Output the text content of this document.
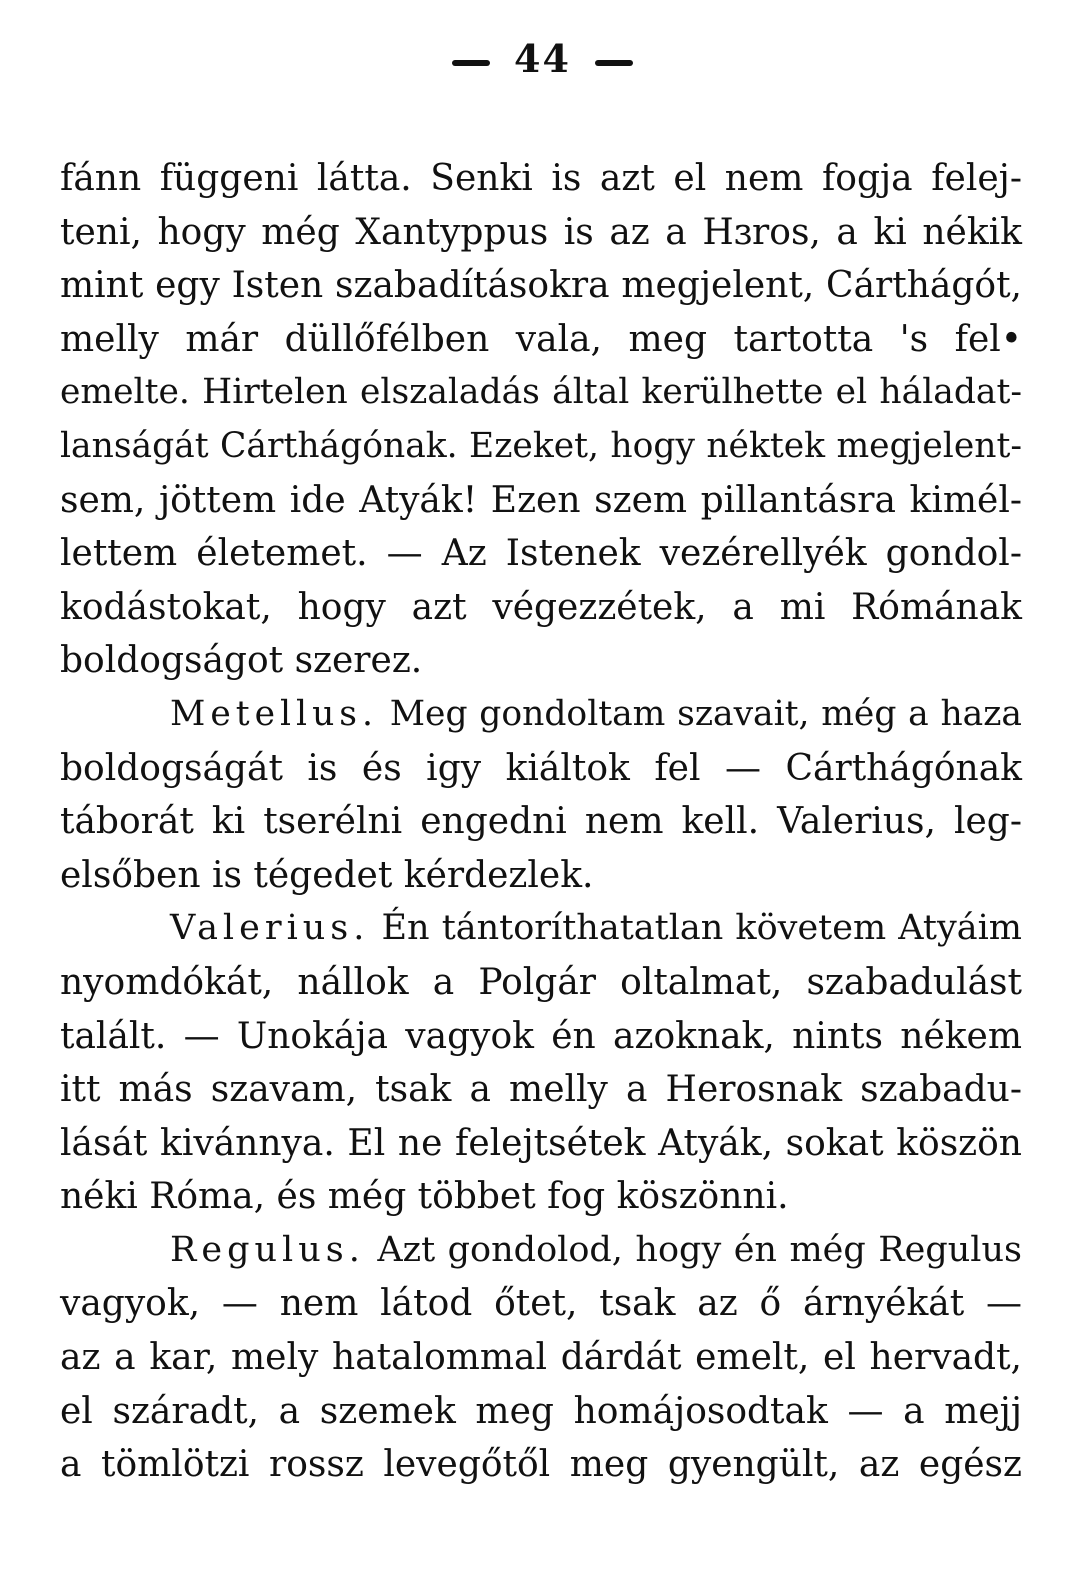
44
fánn függeni látta. Senki is azt el nem fogja felej-
teni, hogy még Xantyppus is az a Hɜros, a ki nékik
mint egy Isten szabadításokra megjelent, Cárthágót,
melly már düllőfélben vala, meg tartotta 's fel•
emelte. Hirtelen elszaladás által kerülhette el háladat-
lanságát Cárthágónak. Ezeket, hogy néktek megjelent-
sem, jöttem ide Atyák! Ezen szem pillantásra kimél-
lettem életemet. — Az Istenek vezérellyék gondol-
kodástokat, hogy azt végezzétek, a mi Rómának
boldogságot szerez.
Metellus. Meg gondoltam szavait, még a haza
boldogságát is és igy kiáltok fel — Cárthágónak
táborát ki tserélni engedni nem kell. Valerius, leg-
elsőben is tégedet kérdezlek.
Valerius. Én tántoríthatatlan követem Atyáim
nyomdókát, nállok a Polgár oltalmat, szabadulást
talált. — Unokája vagyok én azoknak, nints nékem
itt más szavam, tsak a melly a Herosnak szabadu-
lását kivánnya. El ne felejtsétek Atyák, sokat köszön
néki Róma, és még többet fog köszönni.
Regulus. Azt gondolod, hogy én még Regulus
vagyok, — nem látod őtet, tsak az ő árnyékát —
az a kar, mely hatalommal dárdát emelt, el hervadt,
el száradt, a szemek meg homájosodtak — a mejj
a tömlötzi rossz levegőtől meg gyengült, az egész
